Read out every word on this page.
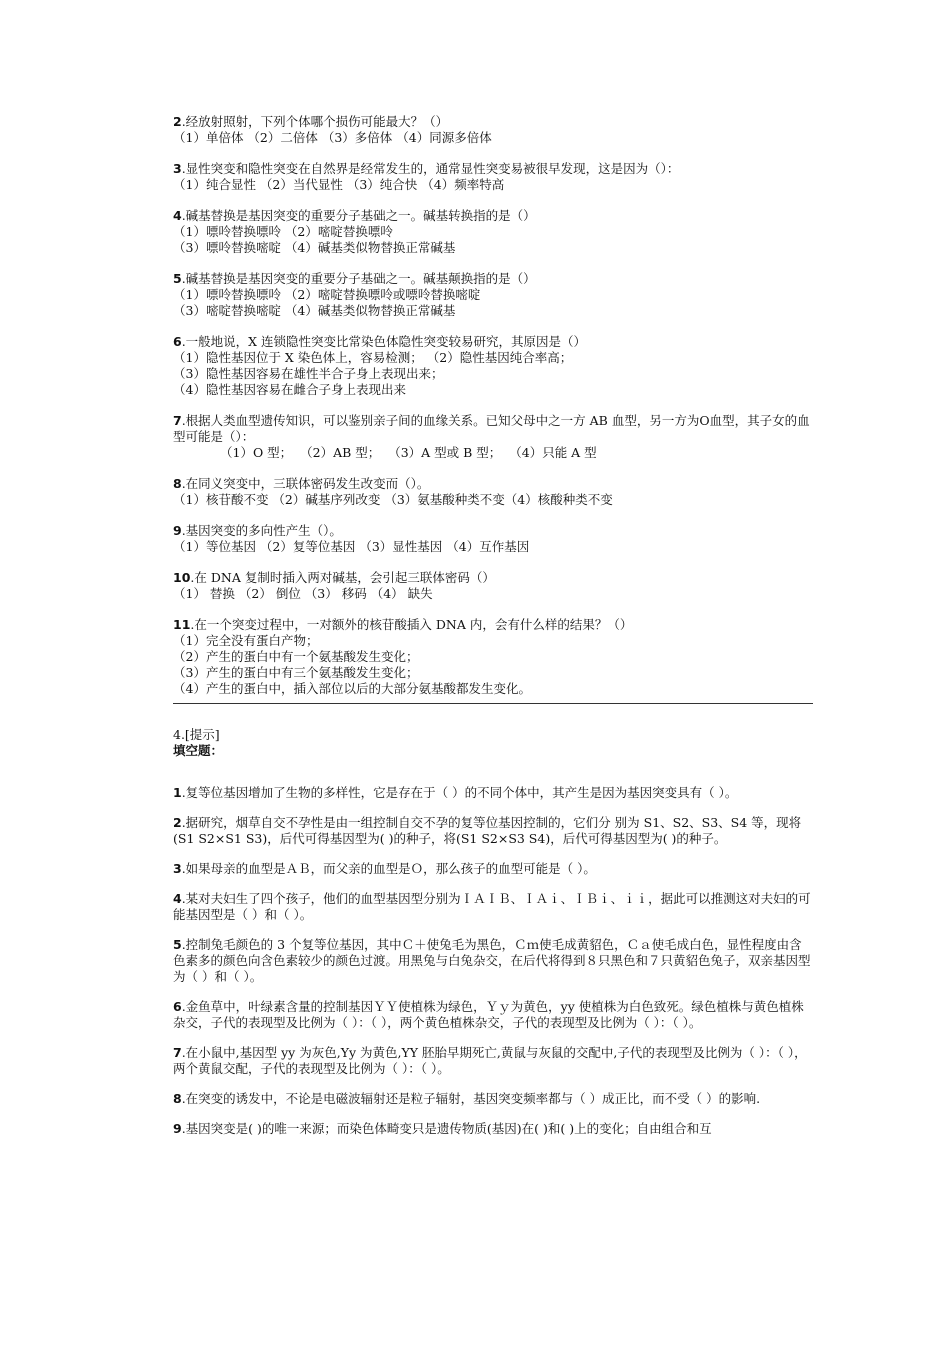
2.经放射照射，下列个体哪个损伤可能最大？（）
（1）单倍体 （2）二倍体 （3）多倍体 （4）同源多倍体
3.显性突变和隐性突变在自然界是经常发生的，通常显性突变易被很早发现，这是因为（）：
（1）纯合显性 （2）当代显性 （3）纯合快 （4）频率特高
4.碱基替换是基因突变的重要分子基础之一。碱基转换指的是（）
（1）嘌呤替换嘌呤 （2）嘧啶替换嘌呤
（3）嘌呤替换嘧啶 （4）碱基类似物替换正常碱基
5.碱基替换是基因突变的重要分子基础之一。碱基颠换指的是（）
（1）嘌呤替换嘌呤 （2）嘧啶替换嘌呤或嘌呤替换嘧啶
（3）嘧啶替换嘧啶 （4）碱基类似物替换正常碱基
6.一般地说，X 连锁隐性突变比常染色体隐性突变较易研究，其原因是（）
（1）隐性基因位于 X 染色体上，容易检测； （2）隐性基因纯合率高；
（3）隐性基因容易在雄性半合子身上表现出来；
（4）隐性基因容易在雌合子身上表现出来
7.根据人类血型遗传知识，可以鉴别亲子间的血缘关系。已知父母中之一方 AB 血型，另一方为O血型，其子女的血型可能是（）：
（1）O 型；  （2）AB 型；  （3）A 型或 B 型；  （4）只能 A 型
8.在同义突变中，三联体密码发生改变而（）。
（1）核苷酸不变 （2）碱基序列改变 （3）氨基酸种类不变（4）核酸种类不变
9.基因突变的多向性产生（）。
（1）等位基因 （2）复等位基因 （3）显性基因 （4）互作基因
10.在 DNA 复制时插入两对碱基，会引起三联体密码（）
（1） 替换 （2） 倒位 （3） 移码 （4） 缺失
11.在一个突变过程中，一对额外的核苷酸插入 DNA 内，会有什么样的结果？（）
（1）完全没有蛋白产物；
（2）产生的蛋白中有一个氨基酸发生变化；
（3）产生的蛋白中有三个氨基酸发生变化；
（4）产生的蛋白中，插入部位以后的大部分氨基酸都发生变化。
4.[提示]
填空题：
1.复等位基因增加了生物的多样性，它是存在于（ ）的不同个体中，其产生是因为基因突变具有（ ）。
2.据研究，烟草自交不孕性是由一组控制自交不孕的复等位基因控制的，它们分 别为 S1、S2、S3、S4 等，现将(S1 S2×S1 S3)，后代可得基因型为( )的种子，将(S1 S2×S3 S4)，后代可得基因型为( )的种子。
3.如果母亲的血型是ＡＢ，而父亲的血型是Ｏ，那么孩子的血型可能是（ ）。
4.某对夫妇生了四个孩子，他们的血型基因型分别为ＩＡＩＢ、ＩＡｉ、ＩＢｉ、ｉｉ，据此可以推测这对夫妇的可能基因型是（ ）和（ ）。
5.控制兔毛颜色的 3 个复等位基因，其中Ｃ＋使兔毛为黑色，Ｃｍ使毛成黄貂色，Ｃａ使毛成白色，显性程度由含色素多的颜色向含色素较少的颜色过渡。用黑兔与白兔杂交，在后代将得到８只黑色和７只黄貂色兔子，双亲基因型为（ ）和（ ）。
6.金鱼草中，叶绿素含量的控制基因ＹＹ使植株为绿色，Ｙｙ为黄色，yy 使植株为白色致死。绿色植株与黄色植株杂交，子代的表现型及比例为（ ）：（ ），两个黄色植株杂交，子代的表现型及比例为（ ）：（ ）。
7.在小鼠中,基因型 yy 为灰色,Yy 为黄色,YY 胚胎早期死亡,黄鼠与灰鼠的交配中,子代的表现型及比例为（ ）：（ ），两个黄鼠交配，子代的表现型及比例为（ ）：（ ）。
8.在突变的诱发中，不论是电磁波辐射还是粒子辐射，基因突变频率都与（ ）成正比，而不受（ ）的影响.
9.基因突变是( )的唯一来源；而染色体畸变只是遗传物质(基因)在( )和( )上的变化；自由组合和互
